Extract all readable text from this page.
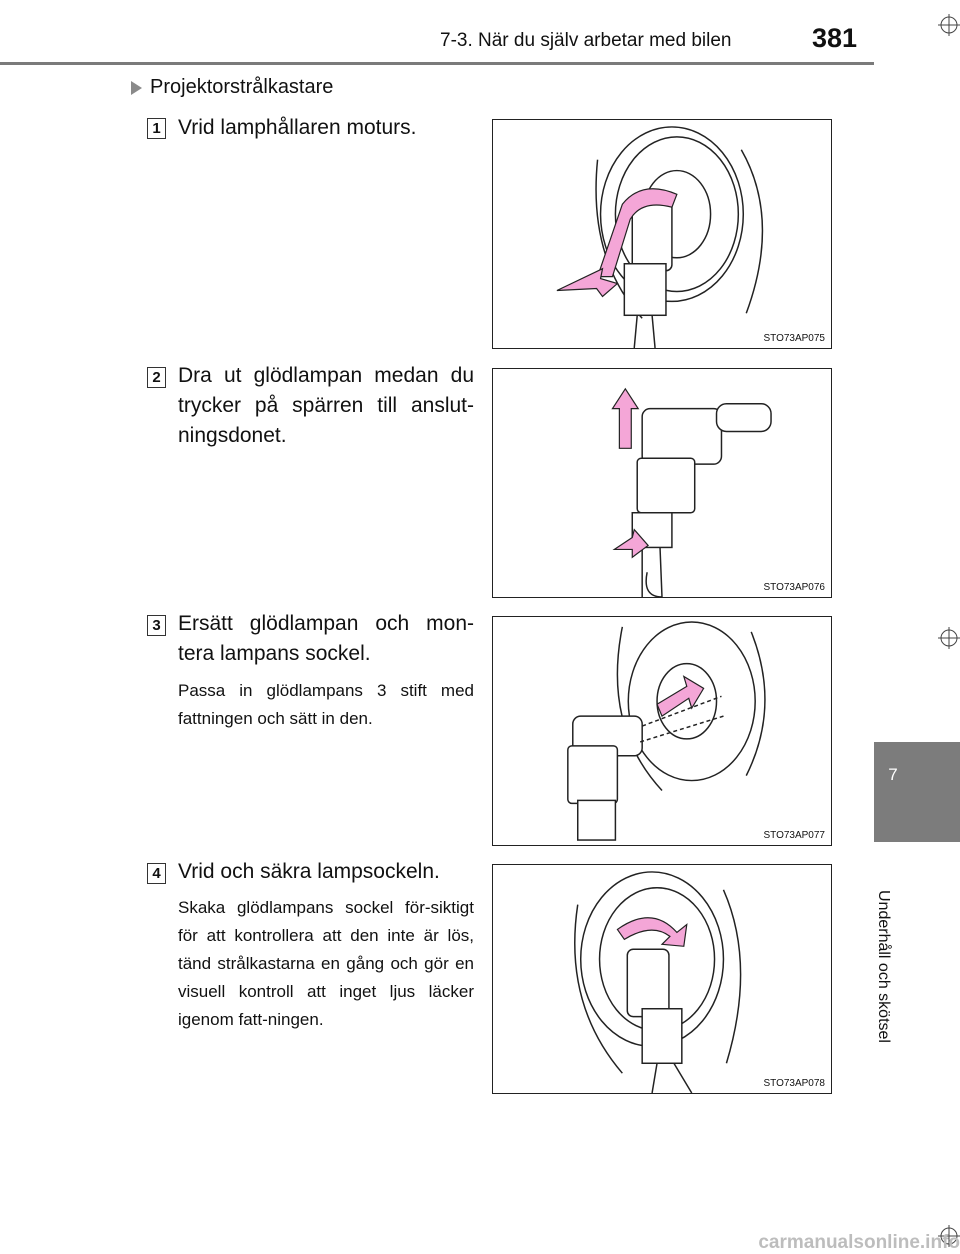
7-3. När du själv arbetar med bilen	381
Projektorstrålkastare
1 Vrid lamphållaren moturs.
STO73AP075
2 Dra ut glödlampan medan du trycker på spärren till anslut-ningsdonet.
STO73AP076
3 Ersätt glödlampan och mon-tera lampans sockel.
Passa in glödlampans 3 stift med fattningen och sätt in den.
STO73AP077
4 Vrid och säkra lampsockeln.
Skaka glödlampans sockel för-siktigt för att kontrollera att den inte är lös, tänd strålkastarna en gång och gör en visuell kontroll att inget ljus läcker igenom fatt-ningen.
STO73AP078
7
Underhåll och skötsel
carmanualsonline.info
